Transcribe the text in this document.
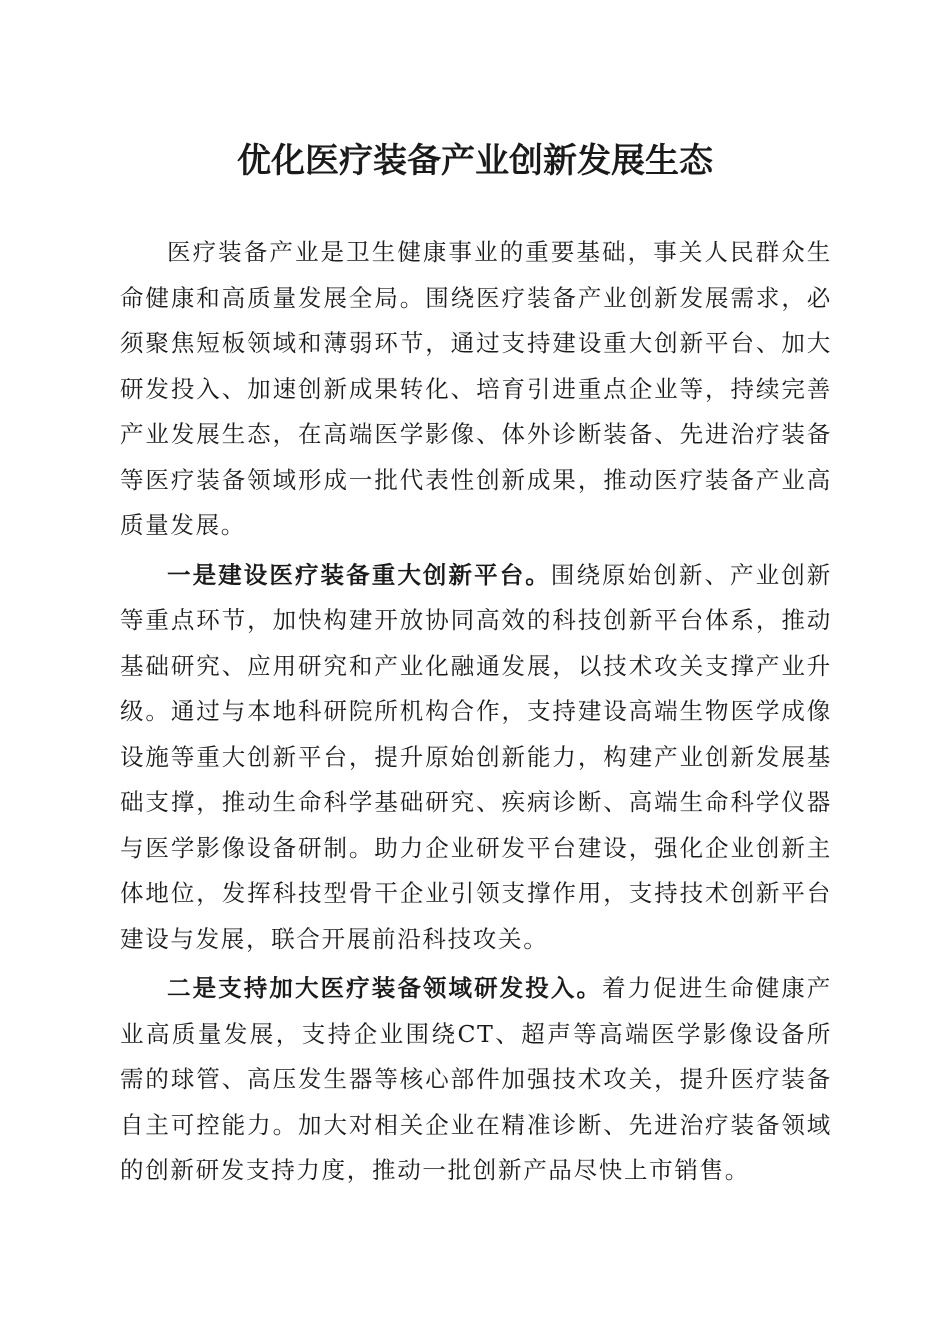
优化医疗装备产业创新发展生态

医疗装备产业是卫生健康事业的重要基础，事关人民群众生命健康和高质量发展全局。围绕医疗装备产业创新发展需求，必须聚焦短板领域和薄弱环节，通过支持建设重大创新平台、加大研发投入、加速创新成果转化、培育引进重点企业等，持续完善产业发展生态，在高端医学影像、体外诊断装备、先进治疗装备等医疗装备领域形成一批代表性创新成果，推动医疗装备产业高质量发展。

一是建设医疗装备重大创新平台。围绕原始创新、产业创新等重点环节，加快构建开放协同高效的科技创新平台体系，推动基础研究、应用研究和产业化融通发展，以技术攻关支撑产业升级。通过与本地科研院所机构合作，支持建设高端生物医学成像设施等重大创新平台，提升原始创新能力，构建产业创新发展基础支撑，推动生命科学基础研究、疾病诊断、高端生命科学仪器与医学影像设备研制。助力企业研发平台建设，强化企业创新主体地位，发挥科技型骨干企业引领支撑作用，支持技术创新平台建设与发展，联合开展前沿科技攻关。

二是支持加大医疗装备领域研发投入。着力促进生命健康产业高质量发展，支持企业围绕CT、超声等高端医学影像设备所需的球管、高压发生器等核心部件加强技术攻关，提升医疗装备自主可控能力。加大对相关企业在精准诊断、先进治疗装备领域的创新研发支持力度，推动一批创新产品尽快上市销售。
